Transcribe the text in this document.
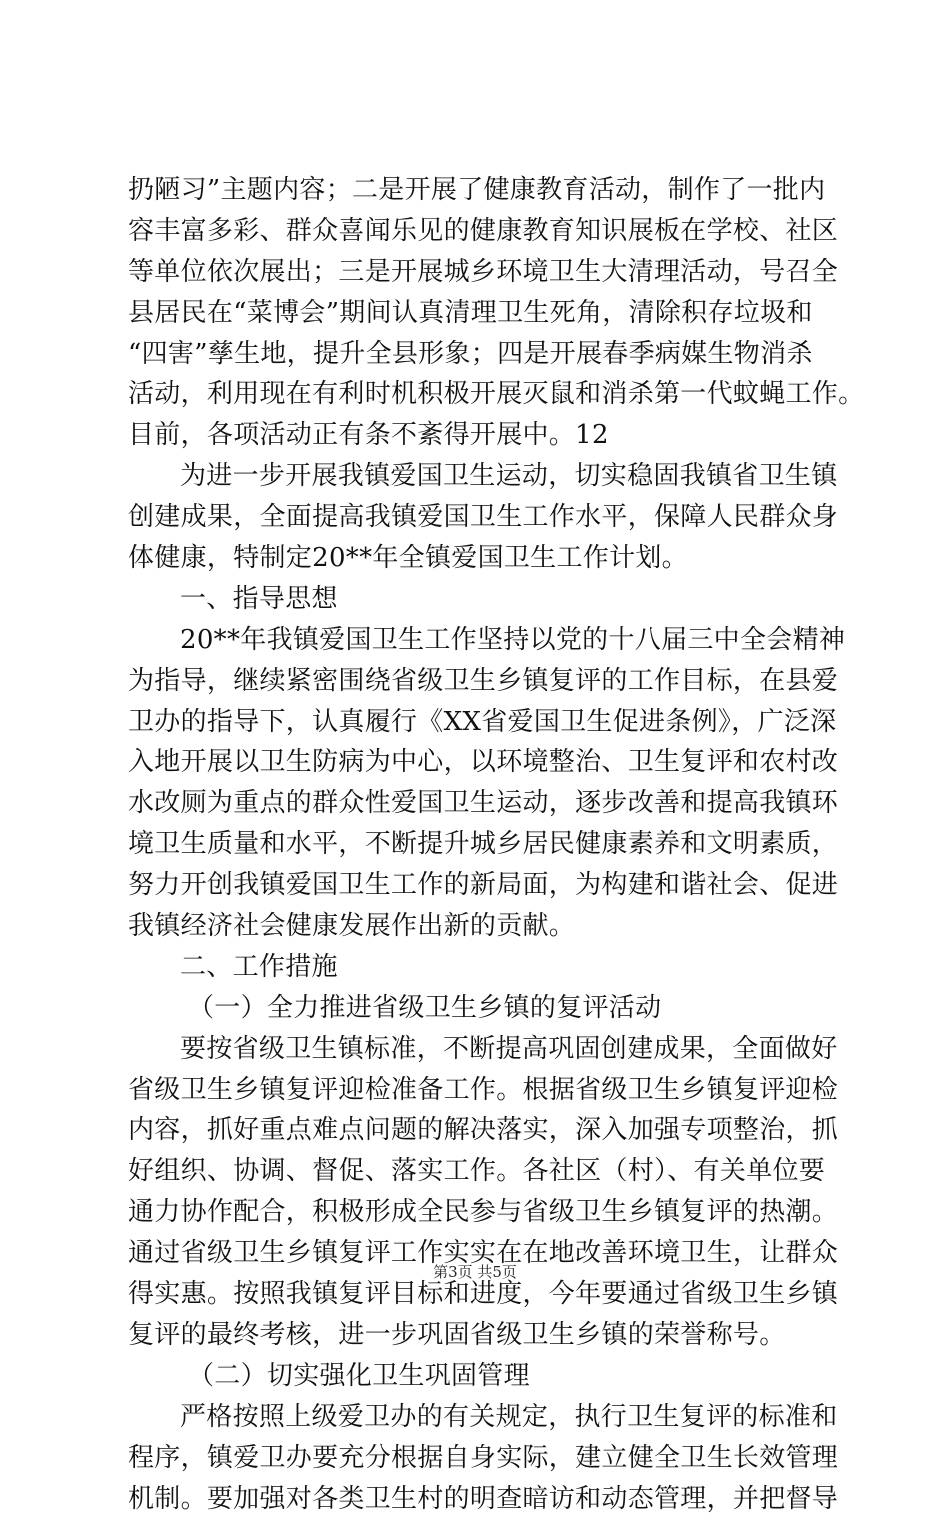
扔陋习”主题内容；二是开展了健康教育活动，制作了一批内
容丰富多彩、群众喜闻乐见的健康教育知识展板在学校、社区
等单位依次展出；三是开展城乡环境卫生大清理活动，号召全
县居民在“菜博会”期间认真清理卫生死角，清除积存垃圾和
“四害”孳生地，提升全县形象；四是开展春季病媒生物消杀
活动，利用现在有利时机积极开展灭鼠和消杀第一代蚊蝇工作。
目前，各项活动正有条不紊得开展中。12
为进一步开展我镇爱国卫生运动，切实稳固我镇省卫生镇
创建成果，全面提高我镇爱国卫生工作水平，保障人民群众身
体健康，特制定20**年全镇爱国卫生工作计划。
一、指导思想
20**年我镇爱国卫生工作坚持以党的十八届三中全会精神
为指导，继续紧密围绕省级卫生乡镇复评的工作目标，在县爱
卫办的指导下，认真履行《XX省爱国卫生促进条例》，广泛深
入地开展以卫生防病为中心，以环境整治、卫生复评和农村改
水改厕为重点的群众性爱国卫生运动，逐步改善和提高我镇环
境卫生质量和水平，不断提升城乡居民健康素养和文明素质，
努力开创我镇爱国卫生工作的新局面，为构建和谐社会、促进
我镇经济社会健康发展作出新的贡献。
二、工作措施
（一）全力推进省级卫生乡镇的复评活动
要按省级卫生镇标准，不断提高巩固创建成果，全面做好
省级卫生乡镇复评迎检准备工作。根据省级卫生乡镇复评迎检
内容，抓好重点难点问题的解决落实，深入加强专项整治，抓
好组织、协调、督促、落实工作。各社区（村）、有关单位要
通力协作配合，积极形成全民参与省级卫生乡镇复评的热潮。
通过省级卫生乡镇复评工作实实在在地改善环境卫生，让群众
得实惠。按照我镇复评目标和进度，今年要通过省级卫生乡镇
复评的最终考核，进一步巩固省级卫生乡镇的荣誉称号。
（二）切实强化卫生巩固管理
严格按照上级爱卫办的有关规定，执行卫生复评的标准和
程序，镇爱卫办要充分根据自身实际，建立健全卫生长效管理
机制。要加强对各类卫生村的明查暗访和动态管理，并把督导
第3页 共5页
